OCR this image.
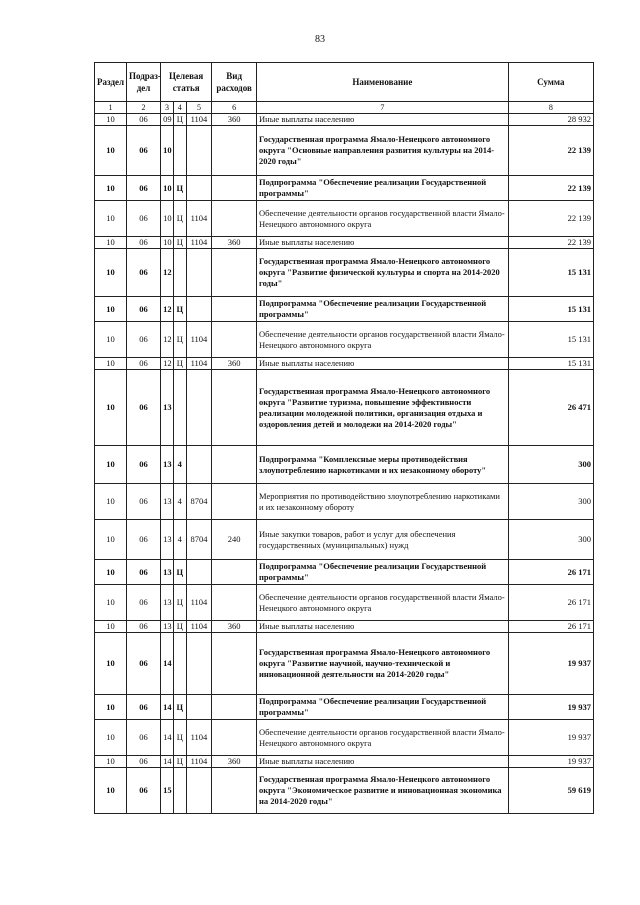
83
Раздел	Подраз-дел	Целевая статья			Вид расходов	Наименование	Сумма
1	2	3	4	5	6	7	8
10	06	09	Ц	1104	360	Иные выплаты населению	28 932
10	06	10				Государственная программа Ямало-Ненецкого автономного округа "Основные направления развития культуры на 2014-2020 годы"	22 139
10	06	10	Ц			Подпрограмма "Обеспечение реализации Государственной программы"	22 139
10	06	10	Ц	1104		Обеспечение деятельности органов государственной власти Ямало-Ненецкого автономного округа	22 139
10	06	10	Ц	1104	360	Иные выплаты населению	22 139
10	06	12				Государственная программа Ямало-Ненецкого автономного округа "Развитие физической культуры и спорта на 2014-2020 годы"	15 131
10	06	12	Ц			Подпрограмма "Обеспечение реализации Государственной программы"	15 131
10	06	12	Ц	1104		Обеспечение деятельности органов государственной власти Ямало-Ненецкого автономного округа	15 131
10	06	12	Ц	1104	360	Иные выплаты населению	15 131
10	06	13				Государственная программа Ямало-Ненецкого автономного округа "Развитие туризма, повышение эффективности реализации молодежной политики, организация отдыха и оздоровления детей и молодежи на 2014-2020 годы"	26 471
10	06	13	4			Подпрограмма "Комплексные меры противодействия злоупотреблению наркотиками и их незаконному обороту"	300
10	06	13	4	8704		Мероприятия по противодействию злоупотреблению наркотиками и их незаконному обороту	300
10	06	13	4	8704	240	Иные закупки товаров, работ и услуг для обеспечения государственных (муниципальных) нужд	300
10	06	13	Ц			Подпрограмма "Обеспечение реализации Государственной программы"	26 171
10	06	13	Ц	1104		Обеспечение деятельности органов государственной власти Ямало-Ненецкого автономного округа	26 171
10	06	13	Ц	1104	360	Иные выплаты населению	26 171
10	06	14				Государственная программа Ямало-Ненецкого автономного округа "Развитие научной, научно-технической и инновационной деятельности на 2014-2020 годы"	19 937
10	06	14	Ц			Подпрограмма "Обеспечение реализации Государственной программы"	19 937
10	06	14	Ц	1104		Обеспечение деятельности органов государственной власти Ямало-Ненецкого автономного округа	19 937
10	06	14	Ц	1104	360	Иные выплаты населению	19 937
10	06	15				Государственная программа Ямало-Ненецкого автономного округа "Экономическое развитие и инновационная экономика на 2014-2020 годы"	59 619
